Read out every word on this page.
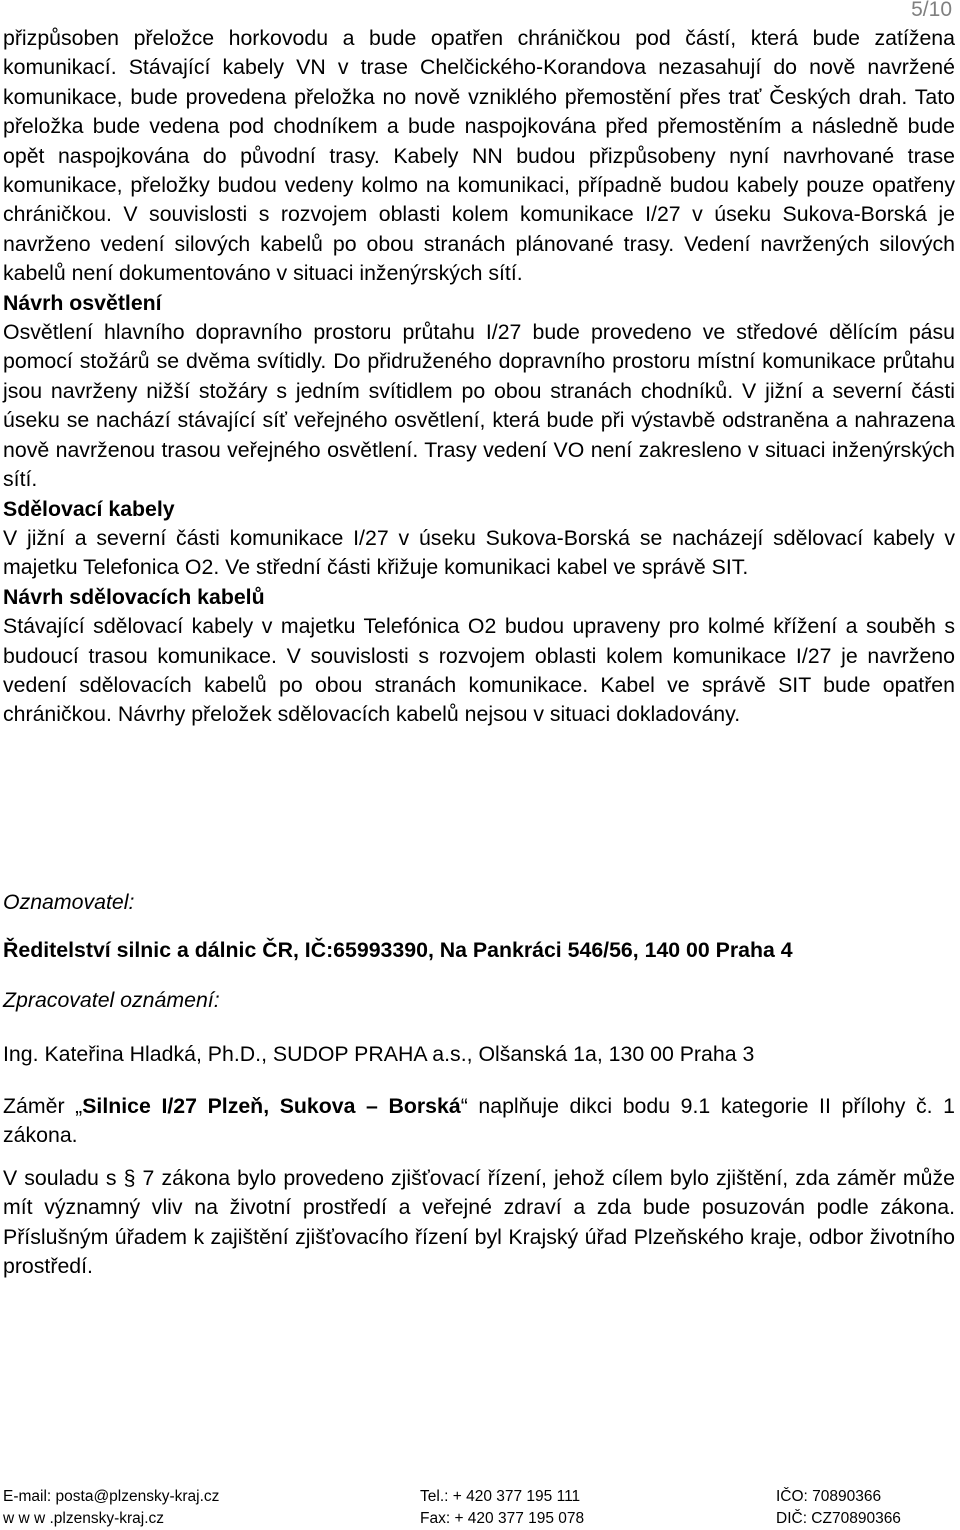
5/10

přizpůsoben přeložce horkovodu a bude opatřen chráničkou pod částí, která bude zatížena komunikací. Stávající kabely VN v trase Chelčického-Korandova nezasahují do nově navržené komunikace, bude provedena přeložka no nově vzniklého přemostění přes trať Českých drah. Tato přeložka bude vedena pod chodníkem a bude naspojkována před přemostěním a následně bude opět naspojkována do původní trasy. Kabely NN budou přizpůsobeny nyní navrhované trase komunikace, přeložky budou vedeny kolmo na komunikaci, případně budou kabely pouze opatřeny chráničkou. V souvislosti s rozvojem oblasti kolem komunikace I/27 v úseku Sukova-Borská je navrženo vedení silových kabelů po obou stranách plánované trasy. Vedení navržených silových kabelů není dokumentováno v situaci inženýrských sítí.

Návrh osvětlení

Osvětlení hlavního dopravního prostoru průtahu I/27 bude provedeno ve středové dělícím pásu pomocí stožárů se dvěma svítidly. Do přidruženého dopravního prostoru místní komunikace průtahu jsou navrženy nižší stožáry s jedním svítidlem po obou stranách chodníků. V jižní a severní části úseku se nachází stávající síť veřejného osvětlení, která bude při výstavbě odstraněna a nahrazena nově navrženou trasou veřejného osvětlení. Trasy vedení VO není zakresleno v situaci inženýrských sítí.

Sdělovací kabely

V jižní a severní části komunikace I/27 v úseku Sukova-Borská se nacházejí sdělovací kabely v majetku Telefonica O2. Ve střední části křižuje komunikaci kabel ve správě SIT.

Návrh sdělovacích kabelů

Stávající sdělovací kabely v majetku Telefónica O2 budou upraveny pro kolmé křížení a souběh s budoucí trasou komunikace. V souvislosti s rozvojem oblasti kolem komunikace I/27 je navrženo vedení sdělovacích kabelů po obou stranách komunikace. Kabel ve správě SIT bude opatřen chráničkou. Návrhy přeložek sdělovacích kabelů nejsou v situaci dokladovány.

Oznamovatel:
Ředitelství silnic a dálnic ČR, IČ:65993390, Na Pankráci 546/56, 140 00 Praha 4
Zpracovatel oznámení:
Ing. Kateřina Hladká, Ph.D., SUDOP PRAHA a.s., Olšanská 1a, 130 00 Praha 3
Záměr „Silnice I/27 Plzeň, Sukova – Borská“ naplňuje dikci bodu 9.1 kategorie II přílohy č. 1 zákona.
V souladu s § 7 zákona bylo provedeno zjišťovací řízení, jehož cílem bylo zjištění, zda záměr může mít významný vliv na životní prostředí a veřejné zdraví a zda bude posuzován podle zákona. Příslušným úřadem k zajištění zjišťovacího řízení byl Krajský úřad Plzeňského kraje, odbor životního prostředí.
E-mail: posta@plzensky-kraj.cz
w w w .plzensky-kraj.cz
Tel.: + 420 377 195 111
Fax: + 420 377 195 078
IČO: 70890366
DIČ: CZ70890366
